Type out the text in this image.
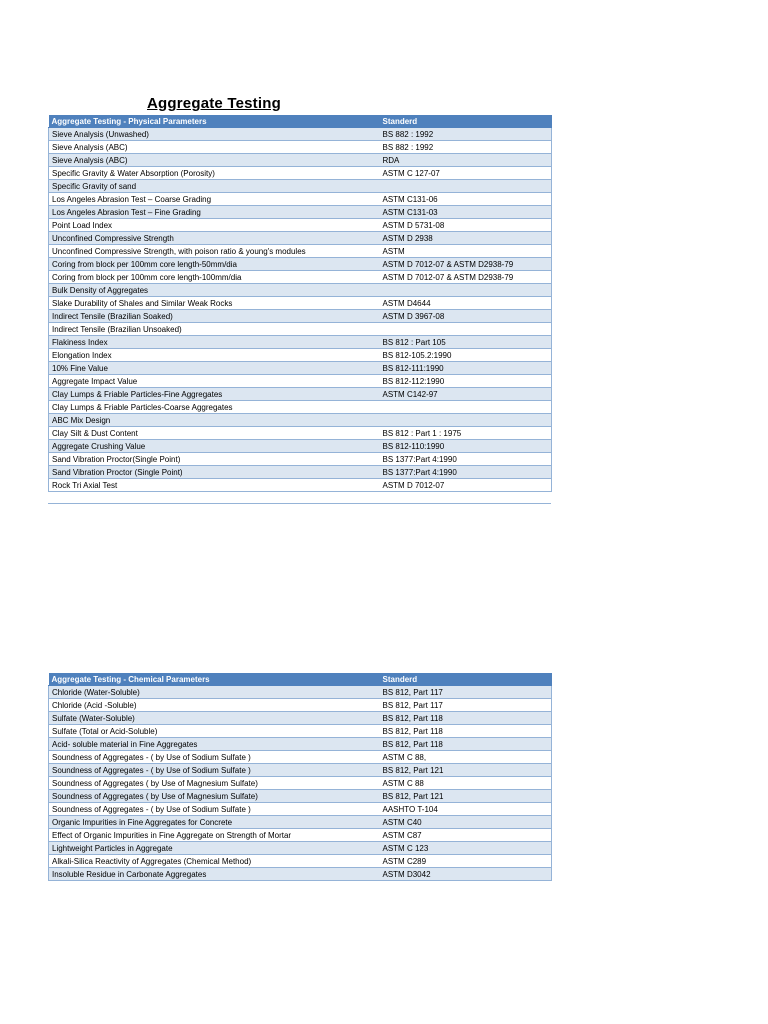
Aggregate Testing
Aggregate Testing - Physical Parameters	Standerd
Sieve Analysis (Unwashed)	BS 882 : 1992
Sieve Analysis (ABC)	BS 882 : 1992
Sieve Analysis (ABC)	RDA
Specific Gravity & Water Absorption (Porosity)	ASTM C 127-07
Specific Gravity of sand	
Los Angeles Abrasion Test – Coarse Grading	ASTM C131-06
Los Angeles Abrasion Test – Fine Grading	ASTM C131-03
Point Load Index	ASTM D 5731-08
Unconfined Compressive Strength	ASTM D 2938
Unconfined Compressive Strength, with poison ratio & young's modules	ASTM
Coring from block per 100mm core length-50mm/dia	ASTM D 7012-07 & ASTM D2938-79
Coring from block per 100mm core length-100mm/dia	ASTM D 7012-07 & ASTM D2938-79
Bulk Density of Aggregates	
Slake Durability of Shales and Similar Weak Rocks	ASTM D4644
Indirect Tensile (Brazilian Soaked)	ASTM D 3967-08
Indirect Tensile (Brazilian Unsoaked)	
Flakiness Index	BS 812 : Part 105
Elongation Index	BS 812-105.2:1990
10% Fine Value	BS 812-111:1990
Aggregate Impact Value	BS 812-112:1990
Clay Lumps & Friable Particles-Fine Aggregates	ASTM C142-97
Clay Lumps & Friable Particles-Coarse Aggregates	
ABC Mix Design	
Clay Silt & Dust Content	BS 812 : Part 1 : 1975
Aggregate Crushing Value	BS 812-110:1990
Sand Vibration Proctor(Single Point)	BS 1377:Part 4:1990
Sand Vibration Proctor (Single Point)	BS 1377:Part 4:1990
Rock Tri Axial Test	ASTM D 7012-07
Aggregate Testing - Chemical Parameters	Standerd
Chloride (Water-Soluble)	BS 812, Part 117
Chloride (Acid -Soluble)	BS 812, Part 117
Sulfate (Water-Soluble)	BS 812, Part 118
Sulfate (Total or Acid-Soluble)	BS 812, Part 118
Acid- soluble material in Fine Aggregates	BS 812, Part 118
Soundness of Aggregates - ( by Use of Sodium Sulfate )	ASTM C 88,
Soundness of Aggregates - ( by Use of Sodium Sulfate )	BS 812, Part 121
Soundness of Aggregates ( by Use of Magnesium Sulfate)	ASTM C 88
Soundness of Aggregates ( by Use of Magnesium Sulfate)	BS 812, Part 121
Soundness of Aggregates - ( by Use of Sodium Sulfate )	AASHTO T-104
Organic Impurities in Fine Aggregates for Concrete	ASTM C40
Effect of Organic Impurities in Fine Aggregate on Strength of Mortar	ASTM C87
Lightweight Particles in Aggregate	ASTM C 123
Alkali-Silica Reactivity of Aggregates (Chemical Method)	ASTM C289
Insoluble Residue in Carbonate Aggregates	ASTM D3042
